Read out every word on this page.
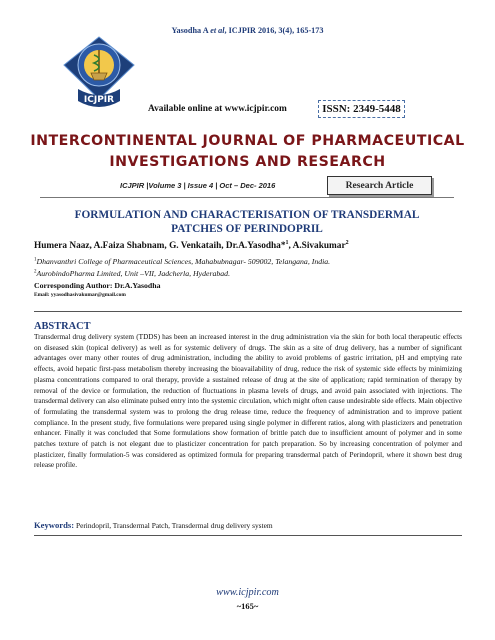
Yasodha A et al, ICJPIR 2016, 3(4), 165-173
ICJPIR
Available online at www.icjpir.com	ISSN: 2349-5448
INTERCONTINENTAL JOURNAL OF PHARMACEUTICAL
INVESTIGATIONS AND RESEARCH
ICJPIR |Volume 3 | Issue 4 | Oct – Dec- 2016	Research Article
FORMULATION AND CHARACTERISATION OF TRANSDERMAL
PATCHES OF PERINDOPRIL
Humera Naaz, A.Faiza Shabnam, G. Venkataih, Dr.A.Yasodha*$^1$, A.Sivakumar$^2$
$^1$Dhanvanthri College of Pharmaceutical Sciences, Mahabubnagar- 509002, Telangana, India.
$^2$AurobindoPharma Limited, Unit –VII, Jadcherla, Hyderabad.
Corresponding Author: Dr.A.Yasodha
Email: yyasodhasivakumar@gmail.com
ABSTRACT
Transdermal drug delivery system (TDDS) has been an increased interest in the drug administration via the skin for both local therapeutic effects on diseased skin (topical delivery) as well as for systemic delivery of drugs. The skin as a site of drug delivery, has a number of significant advantages over many other routes of drug administration, including the ability to avoid problems of gastric irritation, pH and emptying rate effects, avoid hepatic first-pass metabolism thereby increasing the bioavailability of drug, reduce the risk of systemic side effects by minimizing plasma concentrations compared to oral therapy, provide a sustained release of drug at the site of application; rapid termination of therapy by removal of the device or formulation, the reduction of fluctuations in plasma levels of drugs, and avoid pain associated with injections. The transdermal delivery can also eliminate pulsed entry into the systemic circulation, which might often cause undesirable side effects. Main objective of formulating the transdermal system was to prolong the drug release time, reduce the frequency of administration and to improve patient compliance. In the present study, five formulations were prepared using single polymer in different ratios, along with plasticizers and penetration enhancer. Finally it was concluded that Some formulations show formation of brittle patch due to insufficient amount of polymer and in some patches texture of patch is not elegant due to plasticizer concentration for patch preparation. So by increasing concentration of polymer and plasticizer, finally formulation-5 was considered as optimized formula for preparing transdermal patch of Perindopril, where it shown best drug release profile.
Keywords: Perindopril, Transdermal Patch, Transdermal drug delivery system
www.icjpir.com
~165~
